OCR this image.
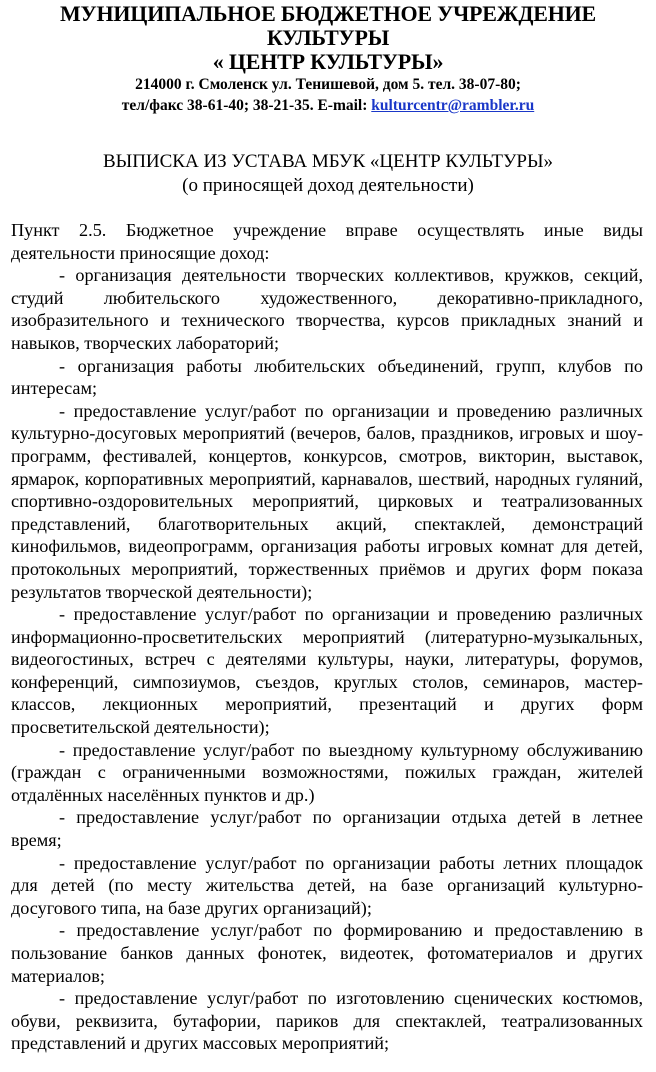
МУНИЦИПАЛЬНОЕ БЮДЖЕТНОЕ УЧРЕЖДЕНИЕ КУЛЬТУРЫ

« ЦЕНТР КУЛЬТУРЫ»

214000 г. Смоленск ул. Тенишевой, дом 5. тел. 38-07-80;

тел/факс 38-61-40; 38-21-35. E-mail: kulturcentr@rambler.ru

ВЫПИСКА ИЗ УСТАВА МБУК «ЦЕНТР КУЛЬТУРЫ»

(о приносящей доход деятельности)

Пункт 2.5. Бюджетное учреждение вправе осуществлять иные виды деятельности приносящие доход:

- организация деятельности творческих коллективов, кружков, секций, студий любительского художественного, декоративно-прикладного, изобразительного и технического творчества, курсов прикладных знаний и навыков, творческих лабораторий;

- организация работы любительских объединений, групп, клубов по интересам;

- предоставление услуг/работ по организации и проведению различных культурно-досуговых мероприятий (вечеров, балов, праздников, игровых и шоу-программ, фестивалей, концертов, конкурсов, смотров, викторин, выставок, ярмарок, корпоративных мероприятий, карнавалов, шествий, народных гуляний, спортивно-оздоровительных мероприятий, цирковых и театрализованных представлений, благотворительных акций, спектаклей, демонстраций кинофильмов, видеопрограмм, организация работы игровых комнат для детей, протокольных мероприятий, торжественных приёмов и других форм показа результатов творческой деятельности);

- предоставление услуг/работ по организации и проведению различных информационно-просветительских мероприятий (литературно-музыкальных, видеогостиных, встреч с деятелями культуры, науки, литературы, форумов, конференций, симпозиумов, съездов, круглых столов, семинаров, мастер-классов, лекционных мероприятий, презентаций и других форм просветительской деятельности);

- предоставление услуг/работ по выездному культурному обслуживанию (граждан с ограниченными возможностями, пожилых граждан, жителей отдалённых населённых пунктов и др.)

- предоставление услуг/работ по организации отдыха детей в летнее время;

- предоставление услуг/работ по организации работы летних площадок для детей (по месту жительства детей, на базе организаций культурно-досугового типа, на базе других организаций);

- предоставление услуг/работ по формированию и предоставлению в пользование банков данных фонотек, видеотек, фотоматериалов и других материалов;

- предоставление услуг/работ по изготовлению сценических костюмов, обуви, реквизита, бутафории, париков для спектаклей, театрализованных представлений и других массовых мероприятий;
